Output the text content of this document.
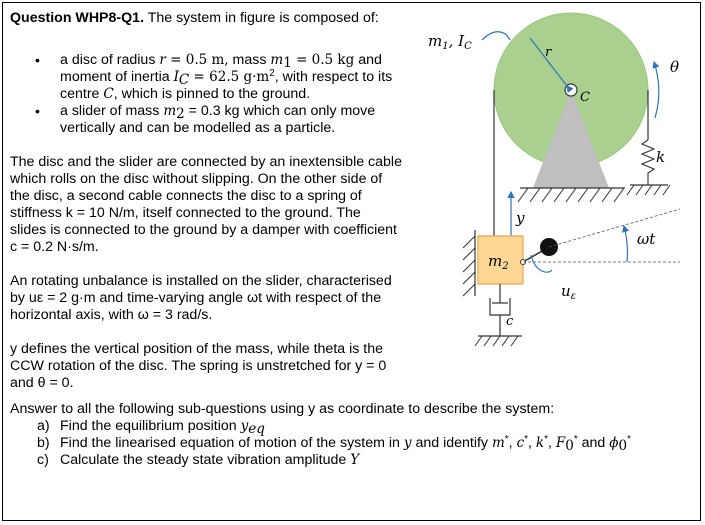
Question WHP8-Q1. The system in figure is composed of:
• a disc of radius r = 0.5 m, mass $m_1 = 0.5$ kg and
moment of inertia $I_C = 62.5$ $g\cdot m^2$, with respect to its
centre C, which is pinned to the ground.
• a slider of mass $m_2 = 0.3$ kg which can only move
vertically and can be modelled as a particle.
The disc and the slider are connected by an inextensible cable
which rolls on the disc without slipping. On the other side of
the disc, a second cable connects the disc to a spring of
stiffness k = 10 N/m, itself connected to the ground. The
slides is connected to the ground by a damper with coefficient
c = 0.2 N·s/m.
An rotating unbalance is installed on the slider, characterised
by uε = 2 g·m and time-varying angle ωt with respect of the
horizontal axis, with ω = 3 rad/s.
y defines the vertical position of the mass, while theta is the
CCW rotation of the disc. The spring is unstretched for y = 0
and θ = 0.
Answer to all the following sub-questions using y as coordinate to describe the system:
a) Find the equilibrium position $y_{eq}$
b) Find the linearised equation of motion of the system in y and identify m*, c*, k*, $F_0^*$ and $\phi_0^*$
c) Calculate the steady state vibration amplitude Y
r
C
$m_1$, $I_C$
θ
k
y
$m_2$
ωt
$u_\varepsilon$
c
